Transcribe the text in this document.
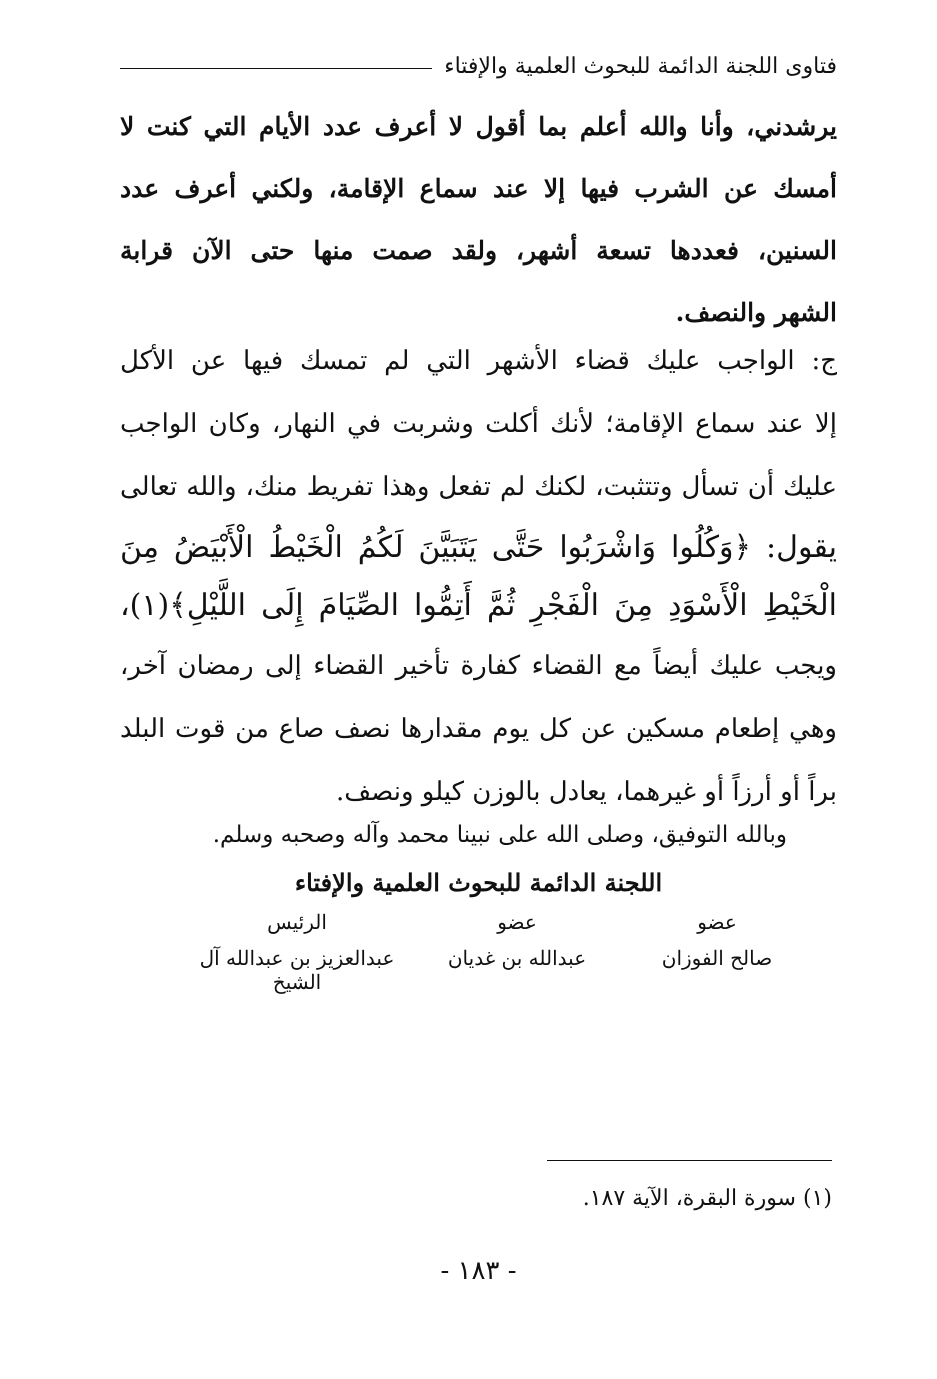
فتاوى اللجنة الدائمة للبحوث العلمية والإفتاء
يرشدني، وأنا والله أعلم بما أقول لا أعرف عدد الأيام التي كنت لا
أمسك عن الشرب فيها إلا عند سماع الإقامة، ولكني أعرف عدد
السنين، فعددها تسعة أشهر، ولقد صمت منها حتى الآن قرابة
الشهر والنصف.
ج: الواجب عليك قضاء الأشهر التي لم تمسك فيها عن الأكل
إلا عند سماع الإقامة؛ لأنك أكلت وشربت في النهار، وكان الواجب
عليك أن تسأل وتتثبت، لكنك لم تفعل وهذا تفريط منك، والله تعالى
يقول: ﴿وَكُلُوا وَاشْرَبُوا حَتَّى يَتَبَيَّنَ لَكُمُ الْخَيْطُ الْأَبْيَضُ مِنَ
الْخَيْطِ الْأَسْوَدِ مِنَ الْفَجْرِ ثُمَّ أَتِمُّوا الصِّيَامَ إِلَى اللَّيْلِ﴾(١)،
ويجب عليك أيضاً مع القضاء كفارة تأخير القضاء إلى رمضان آخر،
وهي إطعام مسكين عن كل يوم مقدارها نصف صاع من قوت البلد
براً أو أرزاً أو غيرهما، يعادل بالوزن كيلو ونصف.
وبالله التوفيق، وصلى الله على نبينا محمد وآله وصحبه وسلم.
اللجنة الدائمة للبحوث العلمية والإفتاء
عضو
صالح الفوزان
عضو
عبدالله بن غديان
الرئيس
عبدالعزيز بن عبدالله آل الشيخ
(١) سورة البقرة، الآية ١٨٧.
- ١٨٣ -
